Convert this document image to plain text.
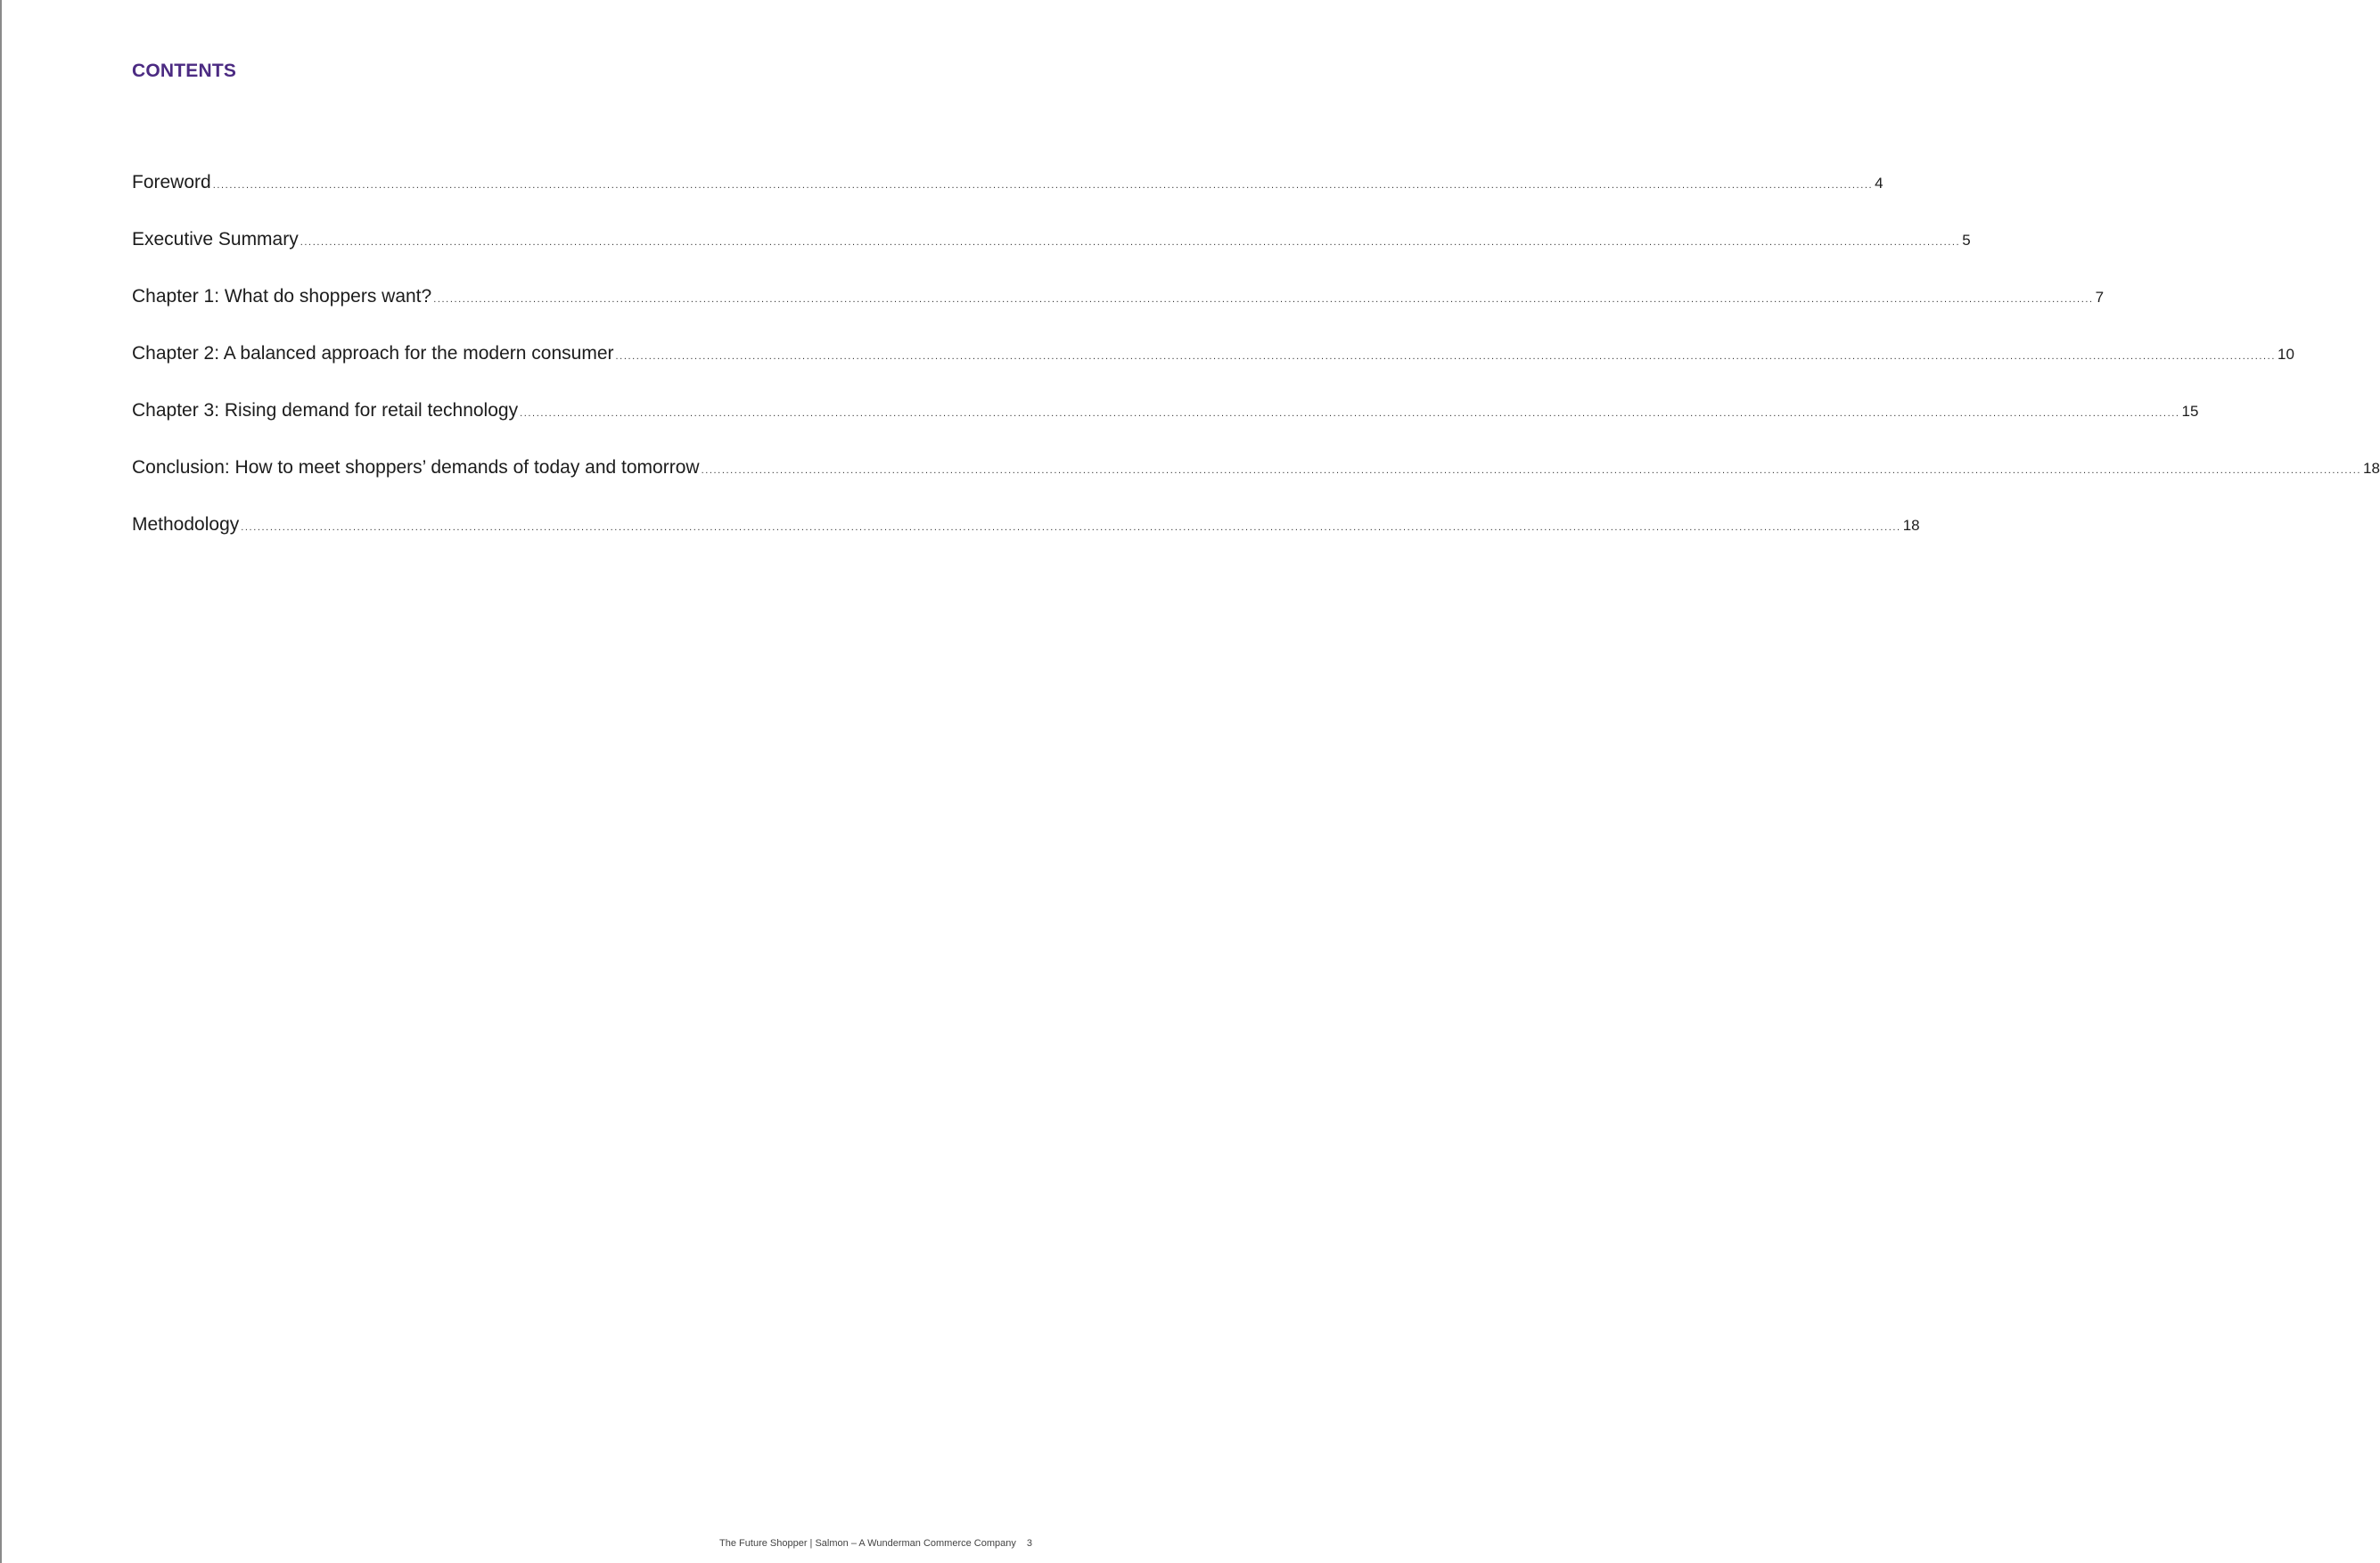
CONTENTS
Foreword ................................................................................................................................................................................................................................................................................................................................................................................................................ 4
Executive Summary ................................................................................................................................................................................................................................................................................................................................................................................................................ 5
Chapter 1: What do shoppers want? ................................................................................................................................................................................................................................................................................................................................................................................................................ 7
Chapter 2: A balanced approach for the modern consumer ................................................................................................................................................................................................................................................................................................................................................................................................................ 10
Chapter 3: Rising demand for retail technology ................................................................................................................................................................................................................................................................................................................................................................................................................ 15
Conclusion: How to meet shoppers’ demands of today and tomorrow ................................................................................................................................................................................................................................................................................................................................................................................................................ 18
Methodology ................................................................................................................................................................................................................................................................................................................................................................................................................ 18
The Future Shopper | Salmon – A Wunderman Commerce Company 3
